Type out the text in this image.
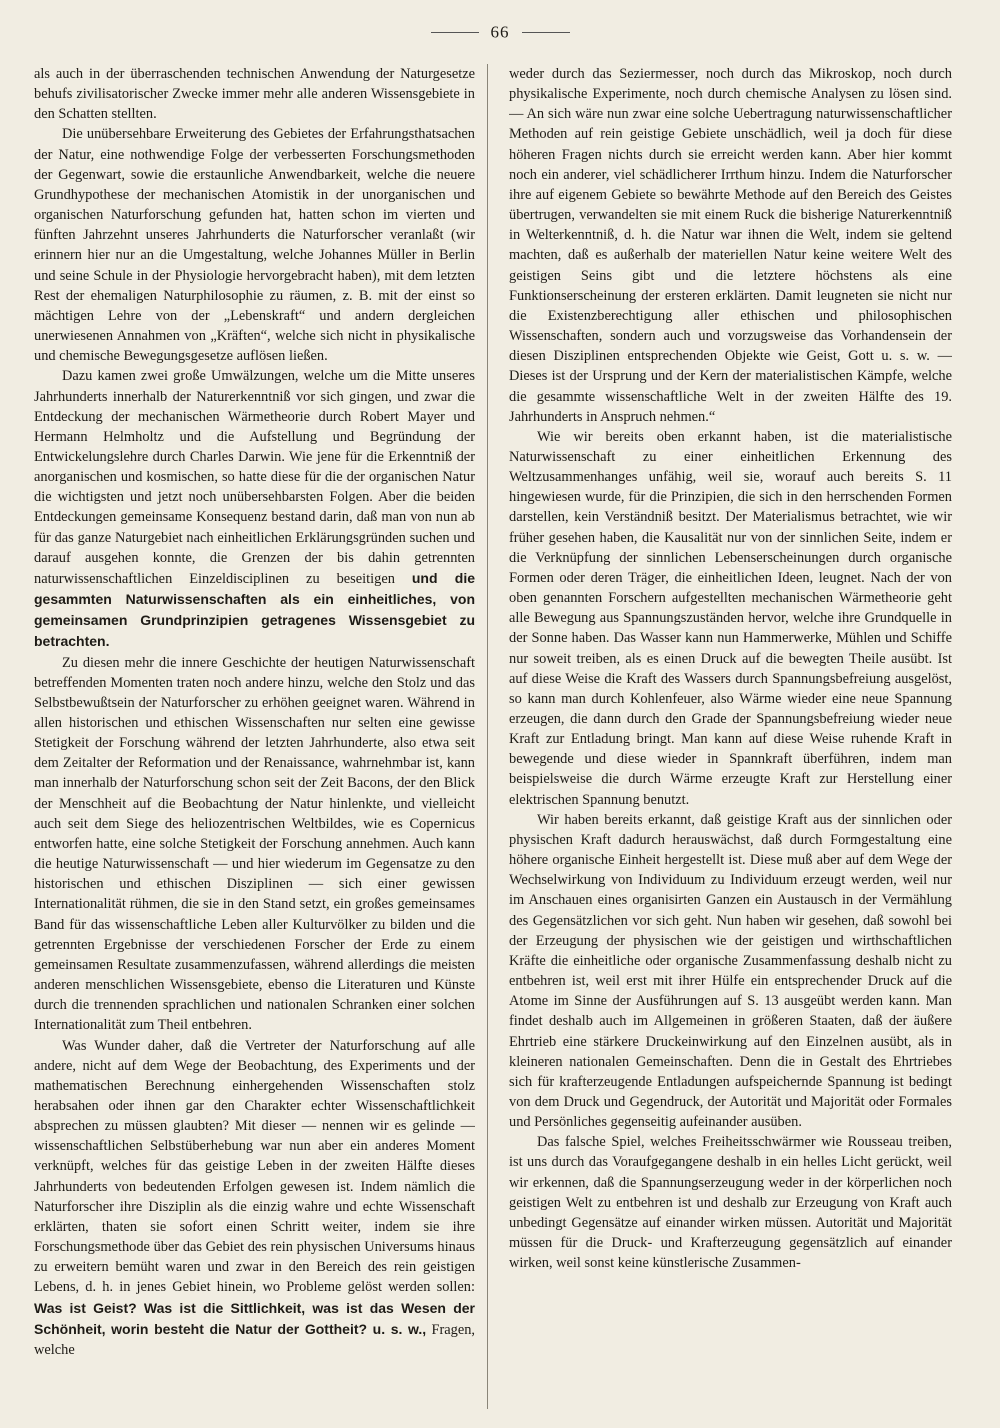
66

als auch in der überraschenden technischen Anwendung der Naturgesetze behufs zivilisatorischer Zwecke immer mehr alle anderen Wissensgebiete in den Schatten stellten.

Die unübersehbare Erweiterung des Gebietes der Erfahrungsthatsachen der Natur, eine nothwendige Folge der verbesserten Forschungsmethoden der Gegenwart, sowie die erstaunliche Anwendbarkeit, welche die neuere Grundhypothese der mechanischen Atomistik in der unorganischen und organischen Naturforschung gefunden hat, hatten schon im vierten und fünften Jahrzehnt unseres Jahrhunderts die Naturforscher veranlaßt (wir erinnern hier nur an die Umgestaltung, welche Johannes Müller in Berlin und seine Schule in der Physiologie hervorgebracht haben), mit dem letzten Rest der ehemaligen Naturphilosophie zu räumen, z. B. mit der einst so mächtigen Lehre von der „Lebenskraft“ und andern dergleichen unerwiesenen Annahmen von „Kräften“, welche sich nicht in physikalische und chemische Bewegungsgesetze auflösen ließen.

Dazu kamen zwei große Umwälzungen, welche um die Mitte unseres Jahrhunderts innerhalb der Naturerkenntniß vor sich gingen, und zwar die Entdeckung der mechanischen Wärmetheorie durch Robert Mayer und Hermann Helmholtz und die Aufstellung und Begründung der Entwickelungslehre durch Charles Darwin. Wie jene für die Erkenntniß der anorganischen und kosmischen, so hatte diese für die der organischen Natur die wichtigsten und jetzt noch unübersehbarsten Folgen. Aber die beiden Entdeckungen gemeinsame Konsequenz bestand darin, daß man von nun ab für das ganze Naturgebiet nach einheitlichen Erklärungsgründen suchen und darauf ausgehen konnte, die Grenzen der bis dahin getrennten naturwissenschaftlichen Einzeldisciplinen zu beseitigen und die gesammten Naturwissenschaften als ein einheitliches, von gemeinsamen Grundprinzipien getragenes Wissensgebiet zu betrachten.

Zu diesen mehr die innere Geschichte der heutigen Naturwissenschaft betreffenden Momenten traten noch andere hinzu, welche den Stolz und das Selbstbewußtsein der Naturforscher zu erhöhen geeignet waren. Während in allen historischen und ethischen Wissenschaften nur selten eine gewisse Stetigkeit der Forschung während der letzten Jahrhunderte, also etwa seit dem Zeitalter der Reformation und der Renaissance, wahrnehmbar ist, kann man innerhalb der Naturforschung schon seit der Zeit Bacons, der den Blick der Menschheit auf die Beobachtung der Natur hinlenkte, und vielleicht auch seit dem Siege des heliozentrischen Weltbildes, wie es Copernicus entworfen hatte, eine solche Stetigkeit der Forschung annehmen. Auch kann die heutige Naturwissenschaft — und hier wiederum im Gegensatze zu den historischen und ethischen Disziplinen — sich einer gewissen Internationalität rühmen, die sie in den Stand setzt, ein großes gemeinsames Band für das wissenschaftliche Leben aller Kulturvölker zu bilden und die getrennten Ergebnisse der verschiedenen Forscher der Erde zu einem gemeinsamen Resultate zusammenzufassen, während allerdings die meisten anderen menschlichen Wissensgebiete, ebenso die Literaturen und Künste durch die trennenden sprachlichen und nationalen Schranken einer solchen Internationalität zum Theil entbehren.

Was Wunder daher, daß die Vertreter der Naturforschung auf alle andere, nicht auf dem Wege der Beobachtung, des Experiments und der mathematischen Berechnung einhergehenden Wissenschaften stolz herabsahen oder ihnen gar den Charakter echter Wissenschaftlichkeit absprechen zu müssen glaubten? Mit dieser — nennen wir es gelinde — wissenschaftlichen Selbstüberhebung war nun aber ein anderes Moment verknüpft, welches für das geistige Leben in der zweiten Hälfte dieses Jahrhunderts von bedeutenden Erfolgen gewesen ist. Indem nämlich die Naturforscher ihre Disziplin als die einzig wahre und echte Wissenschaft erklärten, thaten sie sofort einen Schritt weiter, indem sie ihre Forschungsmethode über das Gebiet des rein physischen Universums hinaus zu erweitern bemüht waren und zwar in den Bereich des rein geistigen Lebens, d. h. in jenes Gebiet hinein, wo Probleme gelöst werden sollen: Was ist Geist? Was ist die Sittlichkeit, was ist das Wesen der Schönheit, worin besteht die Natur der Gottheit? u. s. w., Fragen, welche

weder durch das Seziermesser, noch durch das Mikroskop, noch durch physikalische Experimente, noch durch chemische Analysen zu lösen sind. — An sich wäre nun zwar eine solche Uebertragung naturwissenschaftlicher Methoden auf rein geistige Gebiete unschädlich, weil ja doch für diese höheren Fragen nichts durch sie erreicht werden kann. Aber hier kommt noch ein anderer, viel schädlicherer Irrthum hinzu. Indem die Naturforscher ihre auf eigenem Gebiete so bewährte Methode auf den Bereich des Geistes übertrugen, verwandelten sie mit einem Ruck die bisherige Naturerkenntniß in Welterkenntniß, d. h. die Natur war ihnen die Welt, indem sie geltend machten, daß es außerhalb der materiellen Natur keine weitere Welt des geistigen Seins gibt und die letztere höchstens als eine Funktionserscheinung der ersteren erklärten. Damit leugneten sie nicht nur die Existenzberechtigung aller ethischen und philosophischen Wissenschaften, sondern auch und vorzugsweise das Vorhandensein der diesen Disziplinen entsprechenden Objekte wie Geist, Gott u. s. w. — Dieses ist der Ursprung und der Kern der materialistischen Kämpfe, welche die gesammte wissenschaftliche Welt in der zweiten Hälfte des 19. Jahrhunderts in Anspruch nehmen.“

Wie wir bereits oben erkannt haben, ist die materialistische Naturwissenschaft zu einer einheitlichen Erkennung des Weltzusammenhanges unfähig, weil sie, worauf auch bereits S. 11 hingewiesen wurde, für die Prinzipien, die sich in den herrschenden Formen darstellen, kein Verständniß besitzt. Der Materialismus betrachtet, wie wir früher gesehen haben, die Kausalität nur von der sinnlichen Seite, indem er die Verknüpfung der sinnlichen Lebenserscheinungen durch organische Formen oder deren Träger, die einheitlichen Ideen, leugnet. Nach der von oben genannten Forschern aufgestellten mechanischen Wärmetheorie geht alle Bewegung aus Spannungszuständen hervor, welche ihre Grundquelle in der Sonne haben. Das Wasser kann nun Hammerwerke, Mühlen und Schiffe nur soweit treiben, als es einen Druck auf die bewegten Theile ausübt. Ist auf diese Weise die Kraft des Wassers durch Spannungsbefreiung ausgelöst, so kann man durch Kohlenfeuer, also Wärme wieder eine neue Spannung erzeugen, die dann durch den Grade der Spannungsbefreiung wieder neue Kraft zur Entladung bringt. Man kann auf diese Weise ruhende Kraft in bewegende und diese wieder in Spannkraft überführen, indem man beispielsweise die durch Wärme erzeugte Kraft zur Herstellung einer elektrischen Spannung benutzt.

Wir haben bereits erkannt, daß geistige Kraft aus der sinnlichen oder physischen Kraft dadurch herauswächst, daß durch Formgestaltung eine höhere organische Einheit hergestellt ist. Diese muß aber auf dem Wege der Wechselwirkung von Individuum zu Individuum erzeugt werden, weil nur im Anschauen eines organisirten Ganzen ein Austausch in der Vermählung des Gegensätzlichen vor sich geht. Nun haben wir gesehen, daß sowohl bei der Erzeugung der physischen wie der geistigen und wirthschaftlichen Kräfte die einheitliche oder organische Zusammenfassung deshalb nicht zu entbehren ist, weil erst mit ihrer Hülfe ein entsprechender Druck auf die Atome im Sinne der Ausführungen auf S. 13 ausgeübt werden kann. Man findet deshalb auch im Allgemeinen in größeren Staaten, daß der äußere Ehrtrieb eine stärkere Druckeinwirkung auf den Einzelnen ausübt, als in kleineren nationalen Gemeinschaften. Denn die in Gestalt des Ehrtriebes sich für krafterzeugende Entladungen aufspeichernde Spannung ist bedingt von dem Druck und Gegendruck, der Autorität und Majorität oder Formales und Persönliches gegenseitig aufeinander ausüben.

Das falsche Spiel, welches Freiheitsschwärmer wie Rousseau treiben, ist uns durch das Voraufgegangene deshalb in ein helles Licht gerückt, weil wir erkennen, daß die Spannungserzeugung weder in der körperlichen noch geistigen Welt zu entbehren ist und deshalb zur Erzeugung von Kraft auch unbedingt Gegensätze auf einander wirken müssen. Autorität und Majorität müssen für die Druck- und Krafterzeugung gegensätzlich auf einander wirken, weil sonst keine künstlerische Zusammen-
